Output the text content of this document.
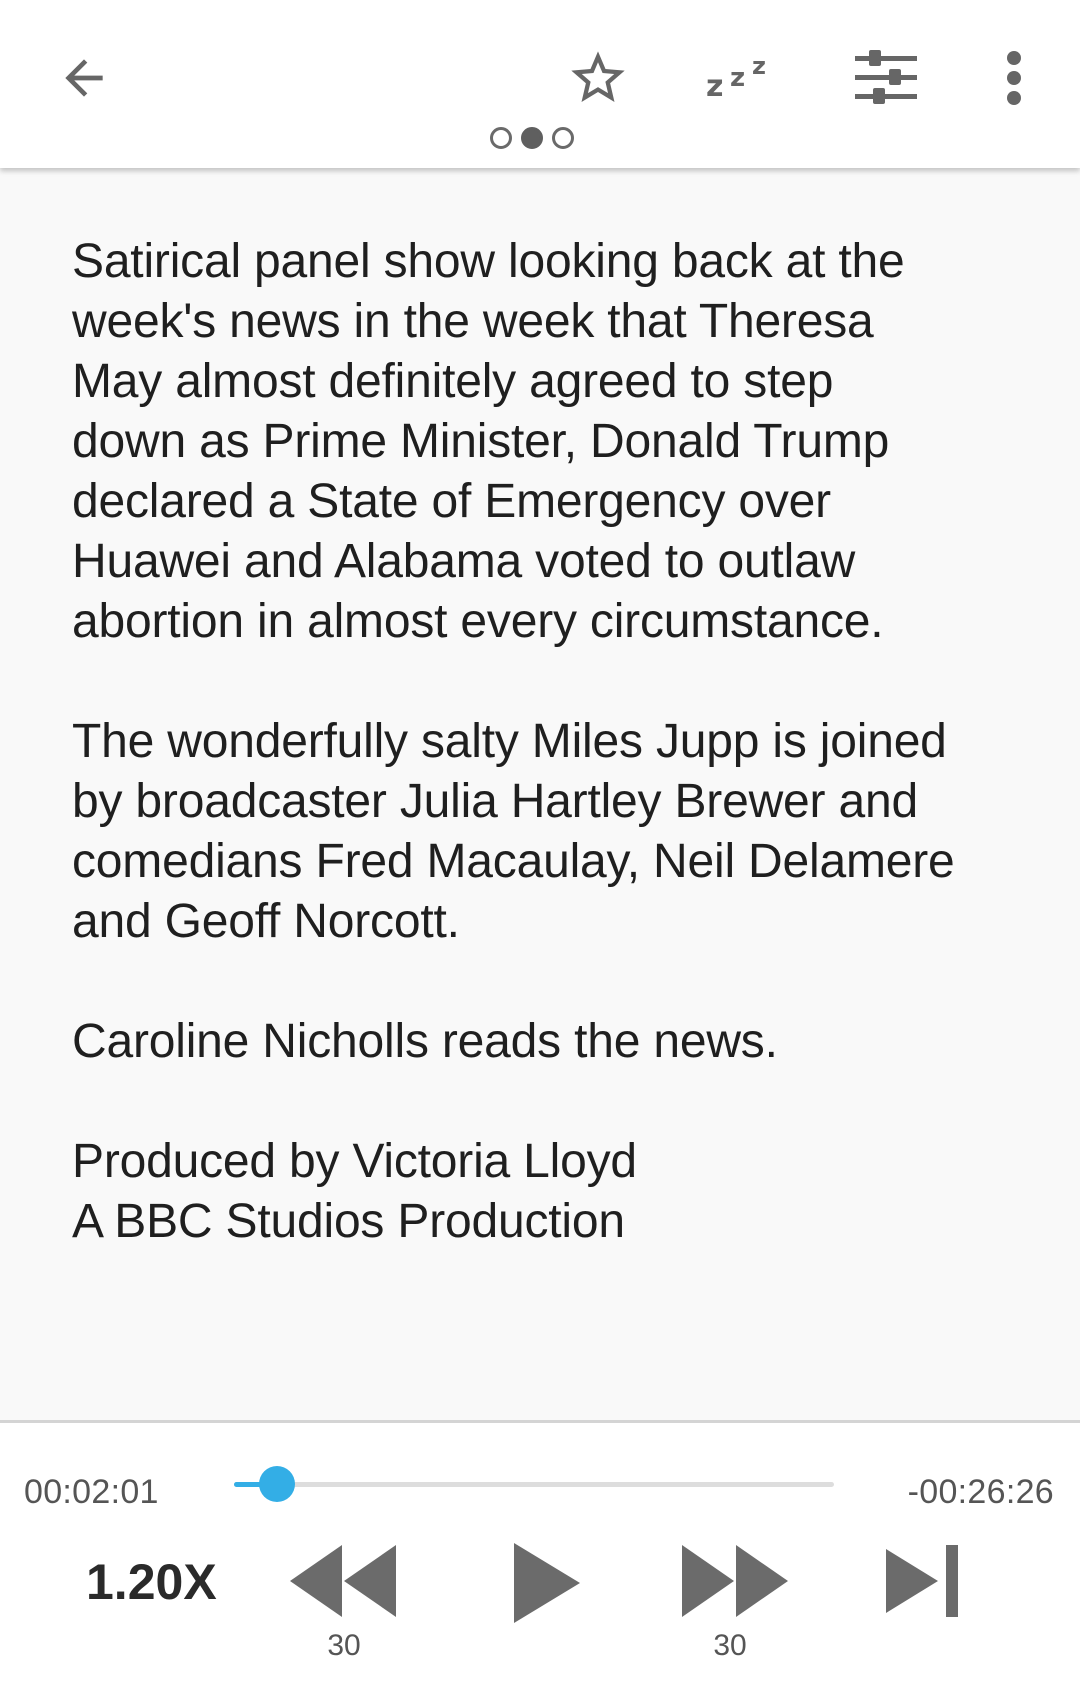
z z z

Satirical panel show looking back at the
week's news in the week that Theresa
May almost definitely agreed to step
down as Prime Minister, Donald Trump
declared a State of Emergency over
Huawei and Alabama voted to outlaw
abortion in almost every circumstance.

The wonderfully salty Miles Jupp is joined
by broadcaster Julia Hartley Brewer and
comedians Fred Macaulay, Neil Delamere
and Geoff Norcott.

Caroline Nicholls reads the news.

Produced by Victoria Lloyd
A BBC Studios Production

00:02:01	-00:26:26
1.20X
30	30
